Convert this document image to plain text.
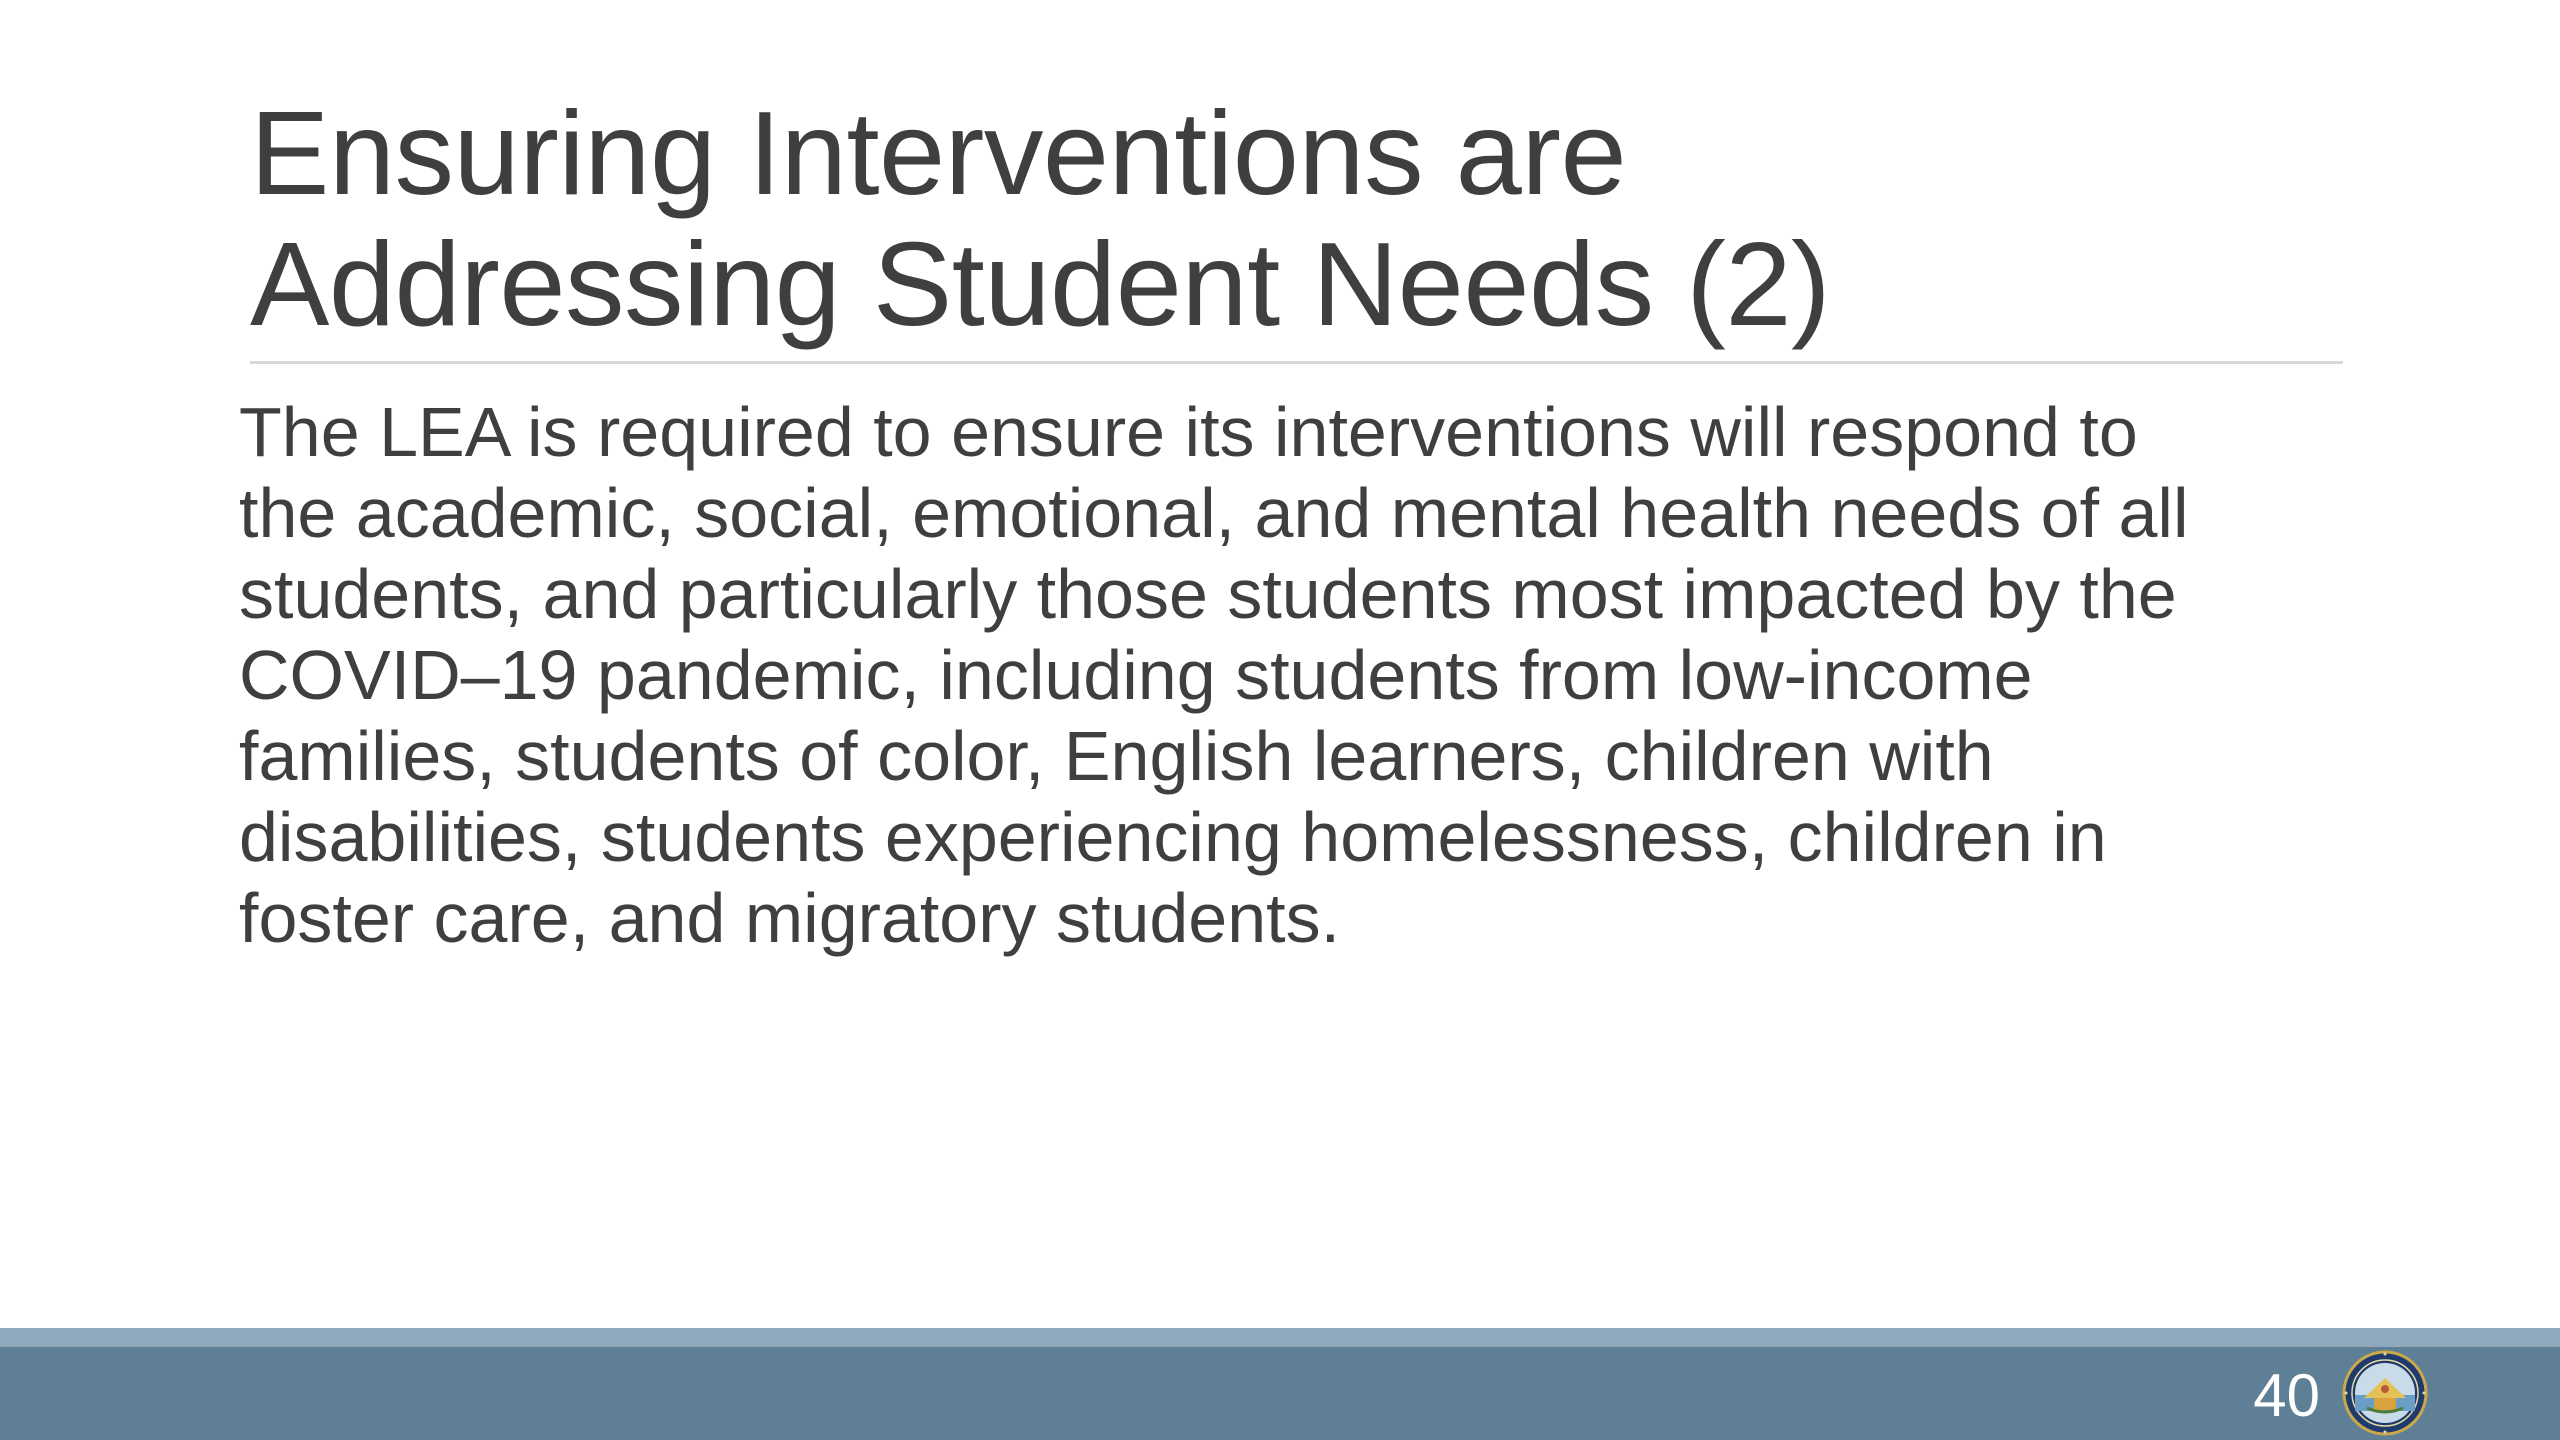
Ensuring Interventions are
Addressing Student Needs (2)

The LEA is required to ensure its interventions will respond to
the academic, social, emotional, and mental health needs of all
students, and particularly those students most impacted by the
COVID–19 pandemic, including students from low-income
families, students of color, English learners, children with
disabilities, students experiencing homelessness, children in
foster care, and migratory students.

40
